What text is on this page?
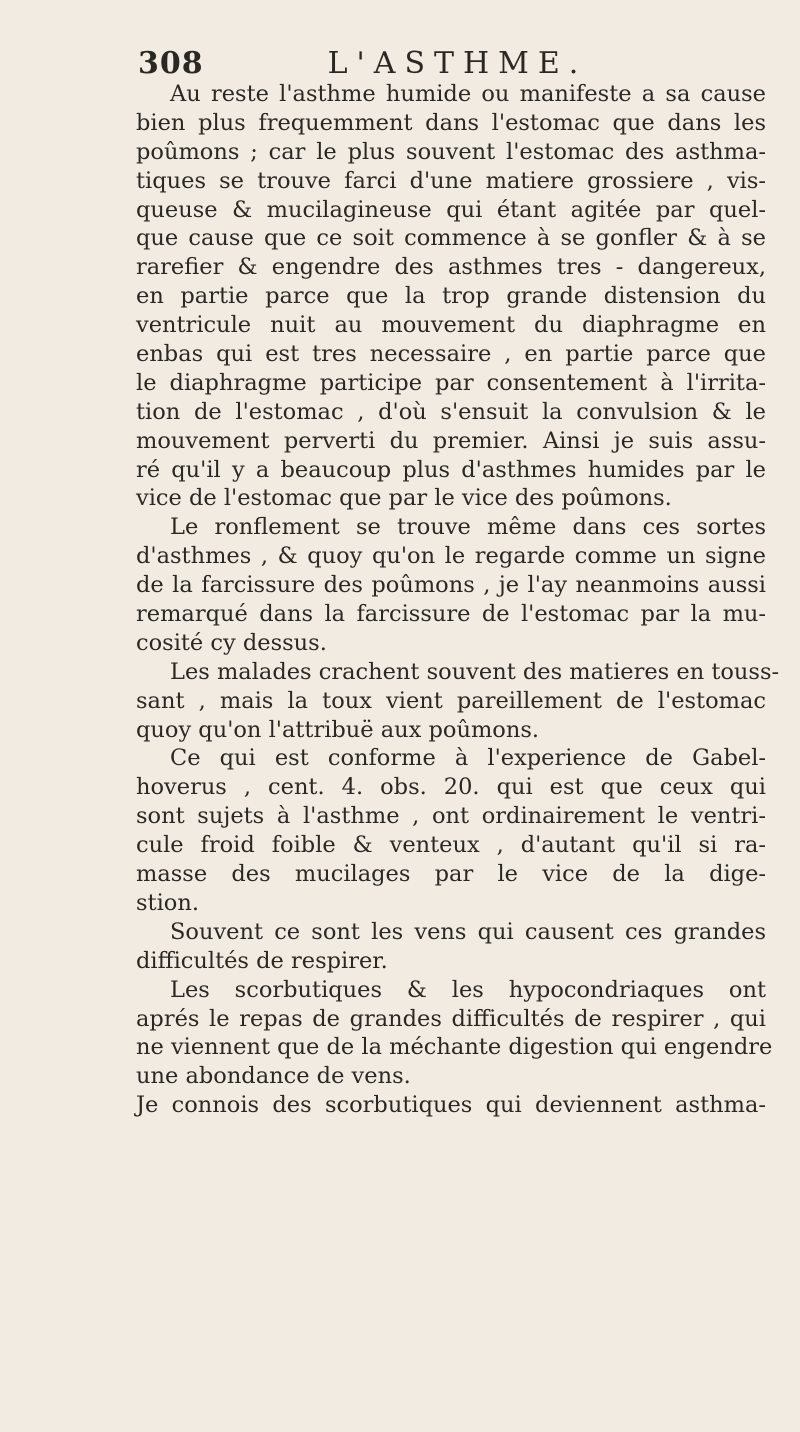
308	L'ASTHME.
Au reste l'asthme humide ou manifeste a sa cause
bien plus frequemment dans l'estomac que dans les
poûmons ; car le plus souvent l'estomac des asthma-
tiques se trouve farci d'une matiere grossiere , vis-
queuse & mucilagineuse qui étant agitée par quel-
que cause que ce soit commence à se gonfler & à se
rarefier & engendre des asthmes tres - dangereux,
en partie parce que la trop grande distension du
ventricule nuit au mouvement du diaphragme en
enbas qui est tres necessaire , en partie parce que
le diaphragme participe par consentement à l'irrita-
tion de l'estomac , d'où s'ensuit la convulsion & le
mouvement perverti du premier. Ainsi je suis assu-
ré qu'il y a beaucoup plus d'asthmes humides par le
vice de l'estomac que par le vice des poûmons.
Le ronflement se trouve même dans ces sortes
d'asthmes , & quoy qu'on le regarde comme un signe
de la farcissure des poûmons , je l'ay neanmoins aussi
remarqué dans la farcissure de l'estomac par la mu-
cosité cy dessus.
Les malades crachent souvent des matieres en touss-
sant , mais la toux vient pareillement de l'estomac
quoy qu'on l'attribuë aux poûmons.
Ce qui est conforme à l'experience de Gabel-
hoverus , cent. 4. obs. 20. qui est que ceux qui
sont sujets à l'asthme , ont ordinairement le ventri-
cule froid foible & venteux , d'autant qu'il si ra-
masse des mucilages par le vice de la dige-
stion.
Souvent ce sont les vens qui causent ces grandes
difficultés de respirer.
Les scorbutiques & les hypocondriaques ont
aprés le repas de grandes difficultés de respirer , qui
ne viennent que de la méchante digestion qui engendre
une abondance de vens.
Je connois des scorbutiques qui deviennent asthma-
